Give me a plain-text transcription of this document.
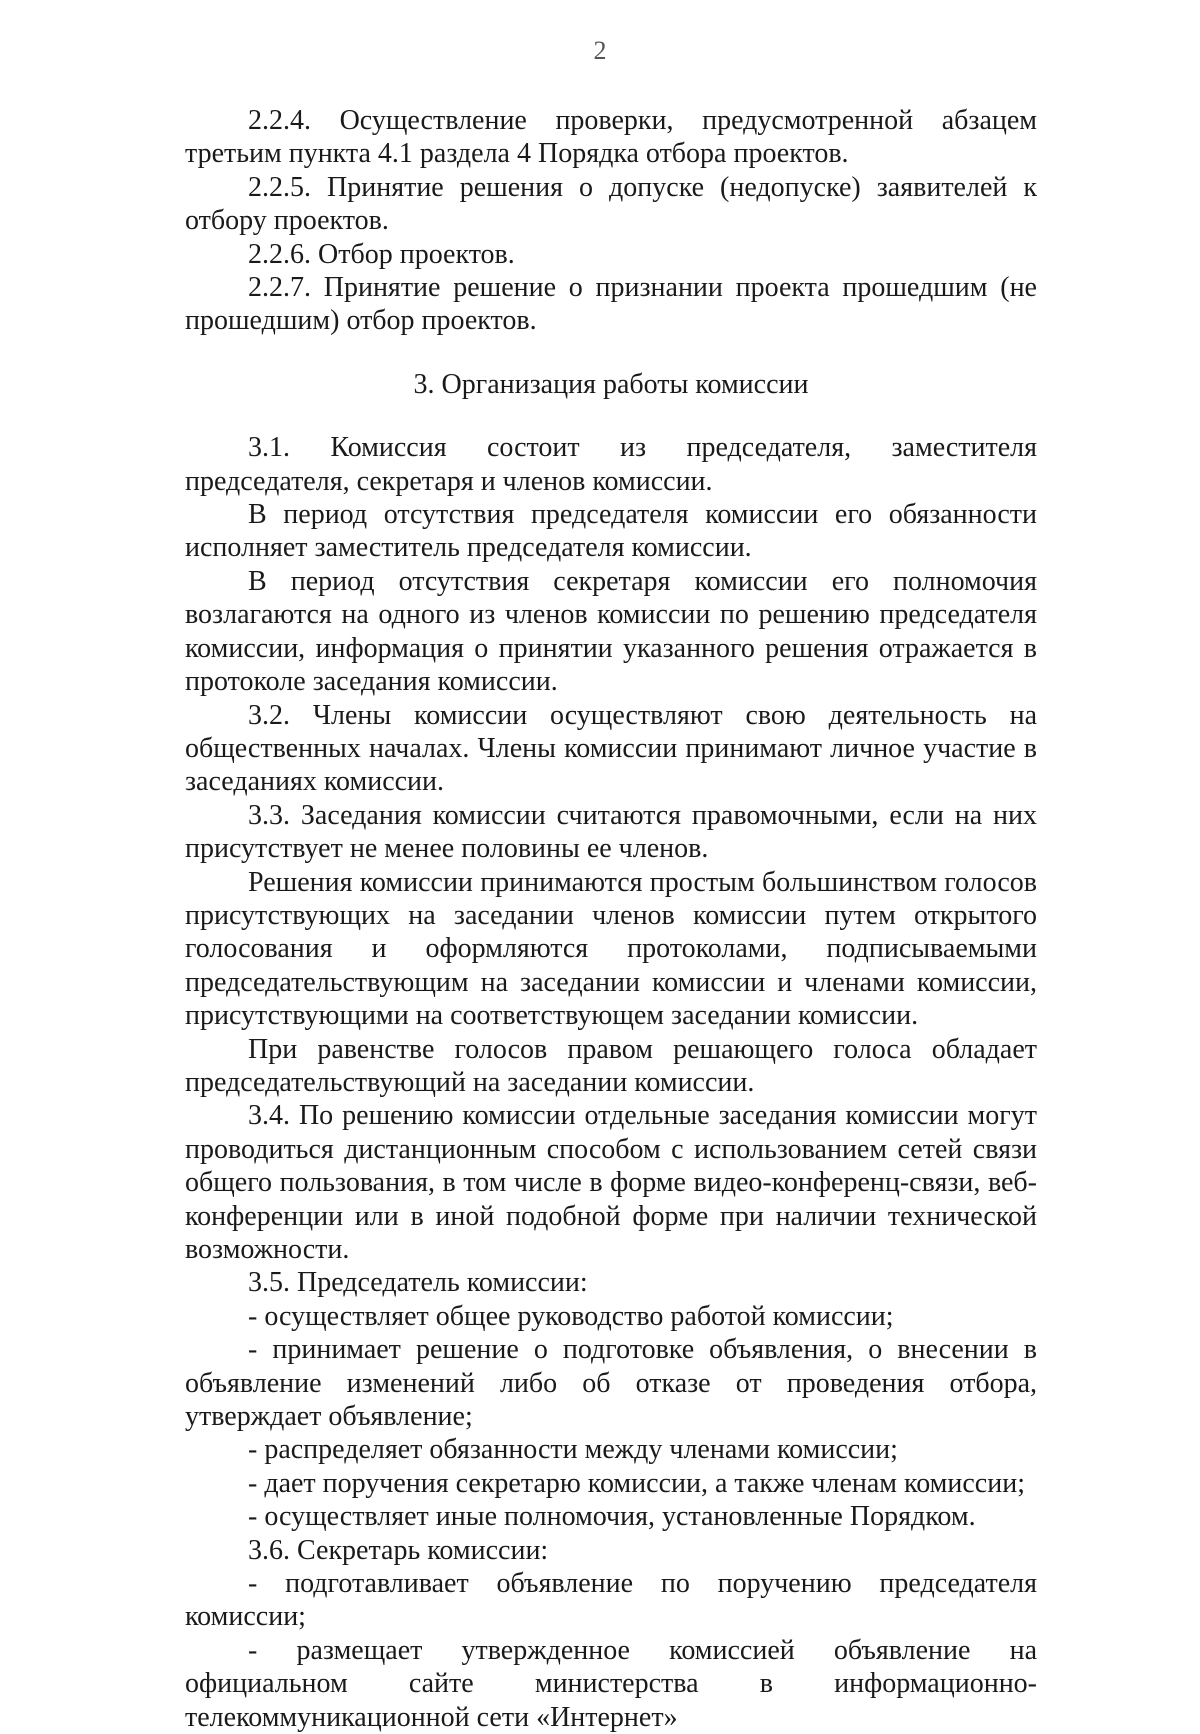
2

2.2.4. Осуществление проверки, предусмотренной абзацем третьим пункта 4.1 раздела 4 Порядка отбора проектов.

2.2.5. Принятие решения о допуске (недопуске) заявителей к отбору проектов.

2.2.6. Отбор проектов.

2.2.7. Принятие решение о признании проекта прошедшим (не прошедшим) отбор проектов.

3. Организация работы комиссии

3.1. Комиссия состоит из председателя, заместителя председателя, секретаря и членов комиссии.

В период отсутствия председателя комиссии его обязанности исполняет заместитель председателя комиссии.

В период отсутствия секретаря комиссии его полномочия возлагаются на одного из членов комиссии по решению председателя комиссии, информация о принятии указанного решения отражается в протоколе заседания комиссии.

3.2. Члены комиссии осуществляют свою деятельность на общественных началах. Члены комиссии принимают личное участие в заседаниях комиссии.

3.3. Заседания комиссии считаются правомочными, если на них присутствует не менее половины ее членов.

Решения комиссии принимаются простым большинством голосов присутствующих на заседании членов комиссии путем открытого голосования и оформляются протоколами, подписываемыми председательствующим на заседании комиссии и членами комиссии, присутствующими на соответствующем заседании комиссии.

При равенстве голосов правом решающего голоса обладает председательствующий на заседании комиссии.

3.4. По решению комиссии отдельные заседания комиссии могут проводиться дистанционным способом с использованием сетей связи общего пользования, в том числе в форме видео-конференц-связи, веб-конференции или в иной подобной форме при наличии технической возможности.

3.5. Председатель комиссии:

- осуществляет общее руководство работой комиссии;

- принимает решение о подготовке объявления, о внесении в объявление изменений либо об отказе от проведения отбора, утверждает объявление;

- распределяет обязанности между членами комиссии;

- дает поручения секретарю комиссии, а также членам комиссии;

- осуществляет иные полномочия, установленные Порядком.

3.6. Секретарь комиссии:

- подготавливает объявление по поручению председателя комиссии;

- размещает утвержденное комиссией объявление на официальном сайте министерства в информационно-телекоммуникационной сети «Интернет»
